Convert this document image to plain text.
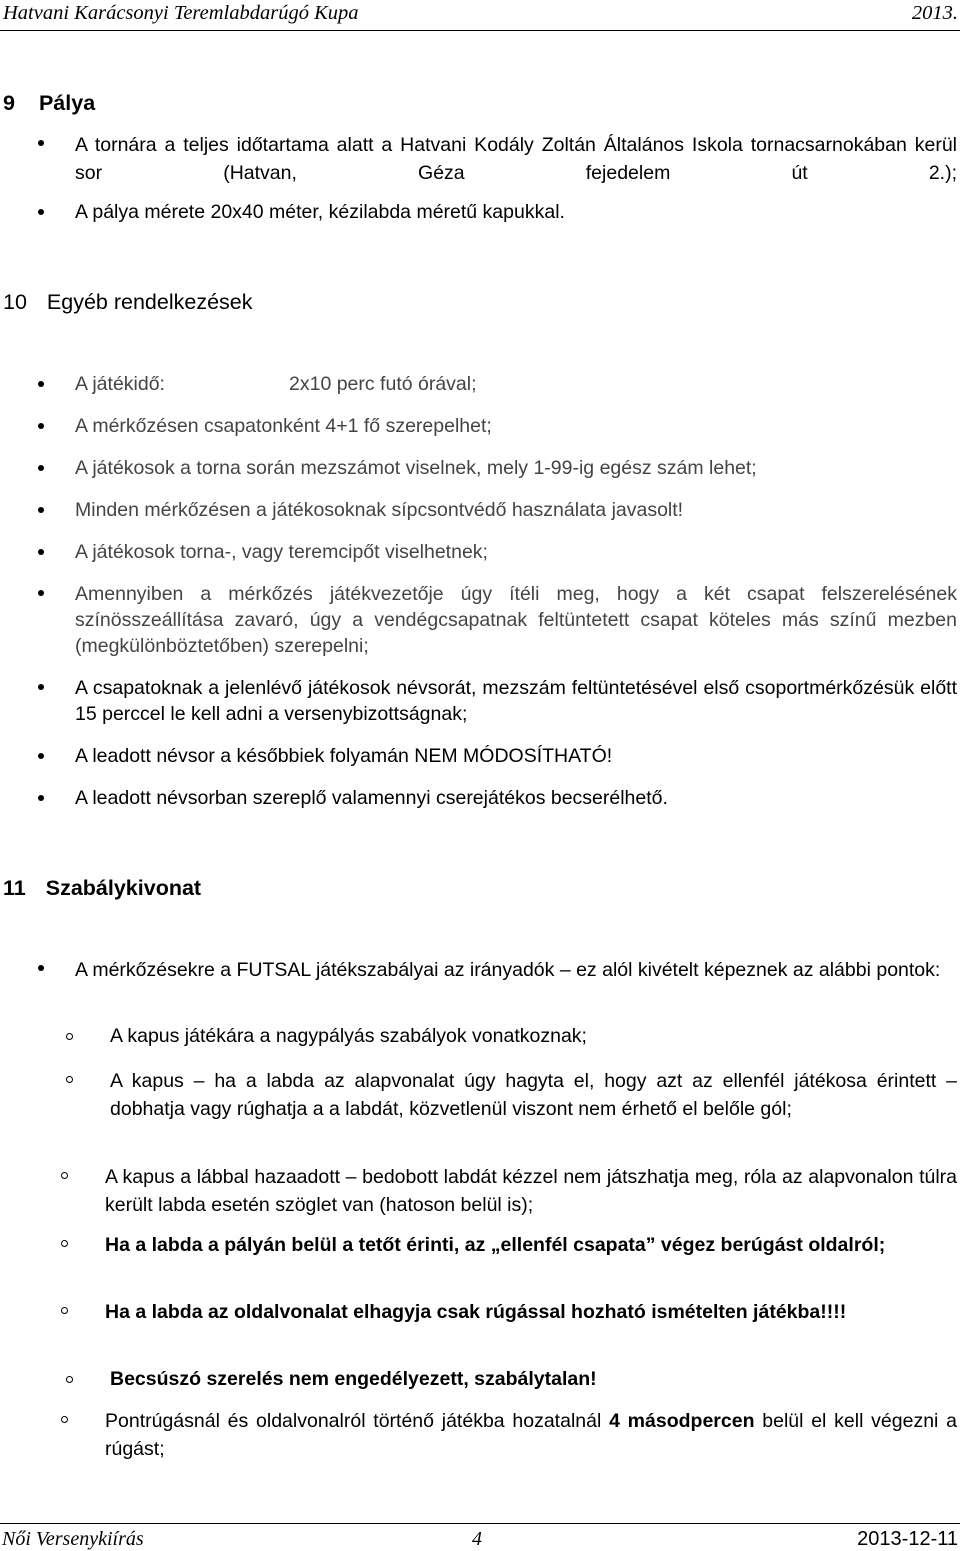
Hatvani Karácsonyi Teremlabdarúgó Kupa	2013.
9 Pálya
A tornára a teljes időtartama alatt a Hatvani Kodály Zoltán Általános Iskola tornacsarnokában kerül sor (Hatvan, Géza fejedelem út 2.);
A pálya mérete 20x40 méter, kézilabda méretű kapukkal.
10 Egyéb rendelkezések
A játékidő:	2x10 perc futó órával;
A mérkőzésen csapatonként 4+1 fő szerepelhet;
A játékosok a torna során mezszámot viselnek, mely 1-99-ig egész szám lehet;
Minden mérkőzésen a játékosoknak sípcsontvédő használata javasolt!
A játékosok torna-, vagy teremcipőt viselhetnek;
Amennyiben a mérkőzés játékvezetője úgy ítéli meg, hogy a két csapat felszerelésének színösszeállítása zavaró, úgy a vendégcsapatnak feltüntetett csapat köteles más színű mezben (megkülönböztetőben) szerepelni;
A csapatoknak a jelenlévő játékosok névsorát, mezszám feltüntetésével első csoportmérkőzésük előtt 15 perccel le kell adni a versenybizottságnak;
A leadott névsor a későbbiek folyamán NEM MÓDOSÍTHATÓ!
A leadott névsorban szereplő valamennyi cserejátékos becserélhető.
11 Szabálykivonat
A mérkőzésekre a FUTSAL játékszabályai az irányadók – ez alól kivételt képeznek az alábbi pontok:
A kapus játékára a nagypályás szabályok vonatkoznak;
A kapus – ha a labda az alapvonalat úgy hagyta el, hogy azt az ellenfél játékosa érintett – dobhatja vagy rúghatja a a labdát, közvetlenül viszont nem érhető el belőle gól;
A kapus a lábbal hazaadott – bedobott labdát kézzel nem játszhatja meg, róla az alapvonalon túlra került labda esetén szöglet van (hatoson belül is);
Ha a labda a pályán belül a tetőt érinti, az „ellenfél csapata” végez berúgást oldalról;
Ha a labda az oldalvonalat elhagyja csak rúgással hozható ismételten játékba!!!!
Becsúszó szerelés nem engedélyezett, szabálytalan!
Pontrúgásnál és oldalvonalról történő játékba hozatalnál 4 másodpercen belül el kell végezni a rúgást;
Női Versenykiírás	4	2013-12-11
